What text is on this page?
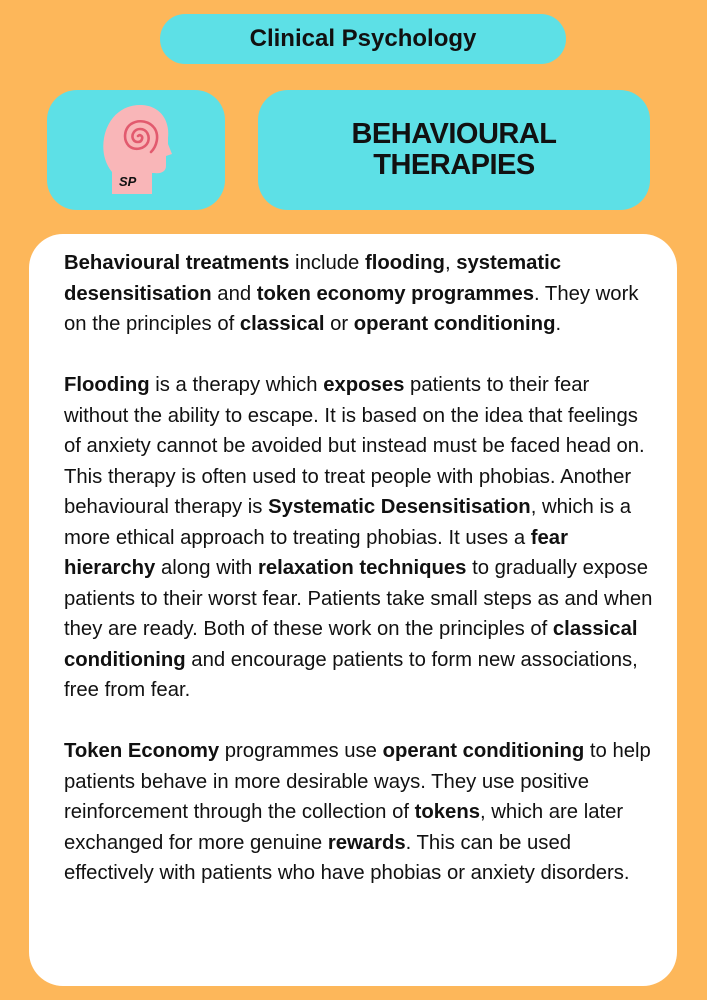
Clinical Psychology
SP
BEHAVIOURAL
THERAPIES

Behavioural treatments include flooding, systematic desensitisation and token economy programmes. They work on the principles of classical or operant conditioning.

Flooding is a therapy which exposes patients to their fear without the ability to escape. It is based on the idea that feelings of anxiety cannot be avoided but instead must be faced head on. This therapy is often used to treat people with phobias. Another behavioural therapy is Systematic Desensitisation, which is a more ethical approach to treating phobias. It uses a fear hierarchy along with relaxation techniques to gradually expose patients to their worst fear. Patients take small steps as and when they are ready. Both of these work on the principles of classical conditioning and encourage patients to form new associations, free from fear.

Token Economy programmes use operant conditioning to help patients behave in more desirable ways. They use positive reinforcement through the collection of tokens, which are later exchanged for more genuine rewards. This can be used effectively with patients who have phobias or anxiety disorders.
